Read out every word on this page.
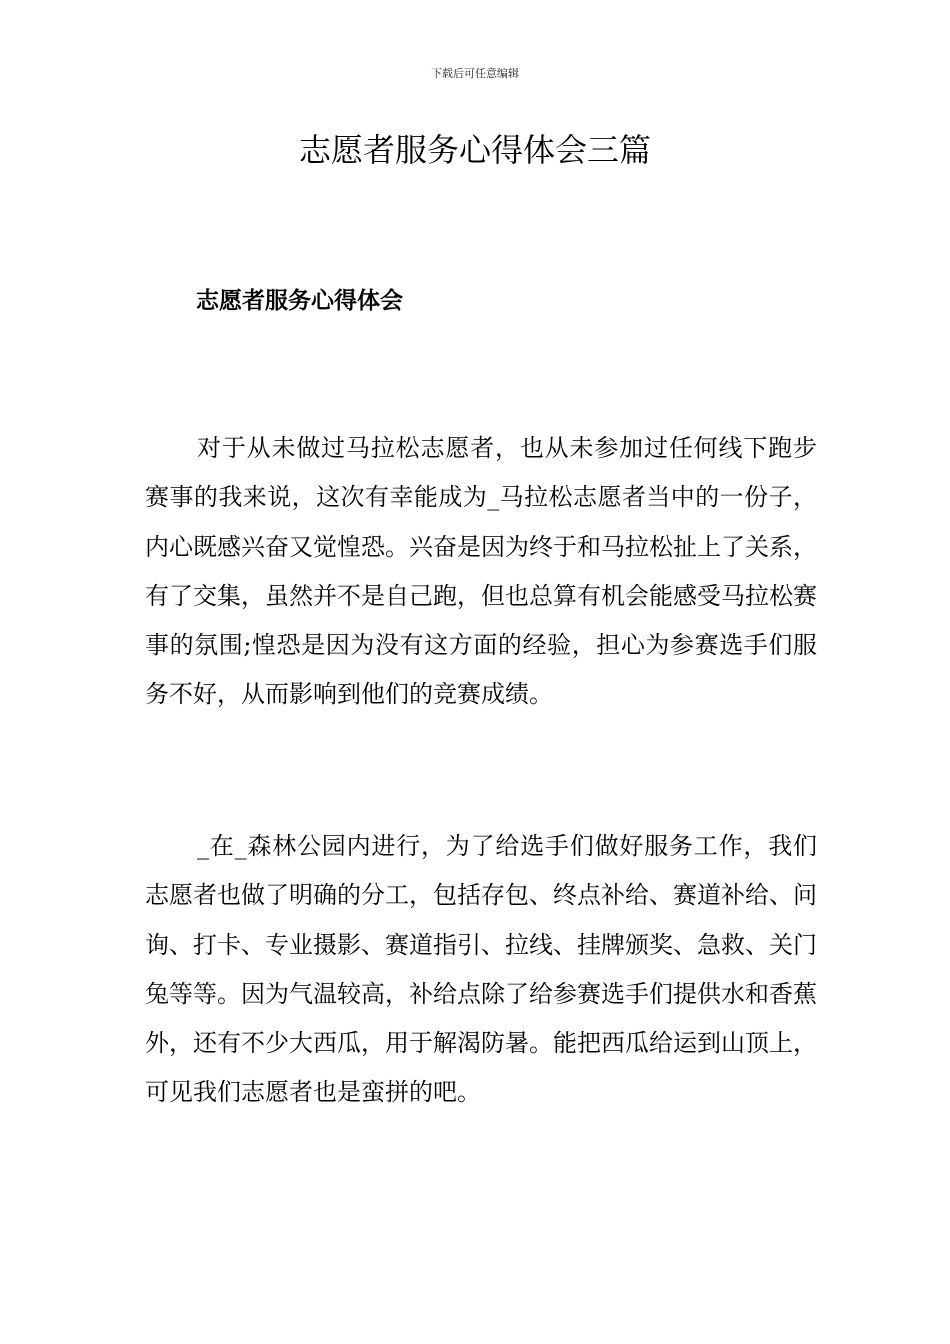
下载后可任意编辑
志愿者服务心得体会三篇
志愿者服务心得体会

对于从未做过马拉松志愿者，也从未参加过任何线下跑步赛事的我来说，这次有幸能成为_马拉松志愿者当中的一份子，内心既感兴奋又觉惶恐。兴奋是因为终于和马拉松扯上了关系，有了交集，虽然并不是自己跑，但也总算有机会能感受马拉松赛事的氛围;惶恐是因为没有这方面的经验，担心为参赛选手们服务不好，从而影响到他们的竞赛成绩。

_在_森林公园内进行，为了给选手们做好服务工作，我们志愿者也做了明确的分工，包括存包、终点补给、赛道补给、问询、打卡、专业摄影、赛道指引、拉线、挂牌颁奖、急救、关门兔等等。因为气温较高，补给点除了给参赛选手们提供水和香蕉外，还有不少大西瓜，用于解渴防暑。能把西瓜给运到山顶上，可见我们志愿者也是蛮拼的吧。
